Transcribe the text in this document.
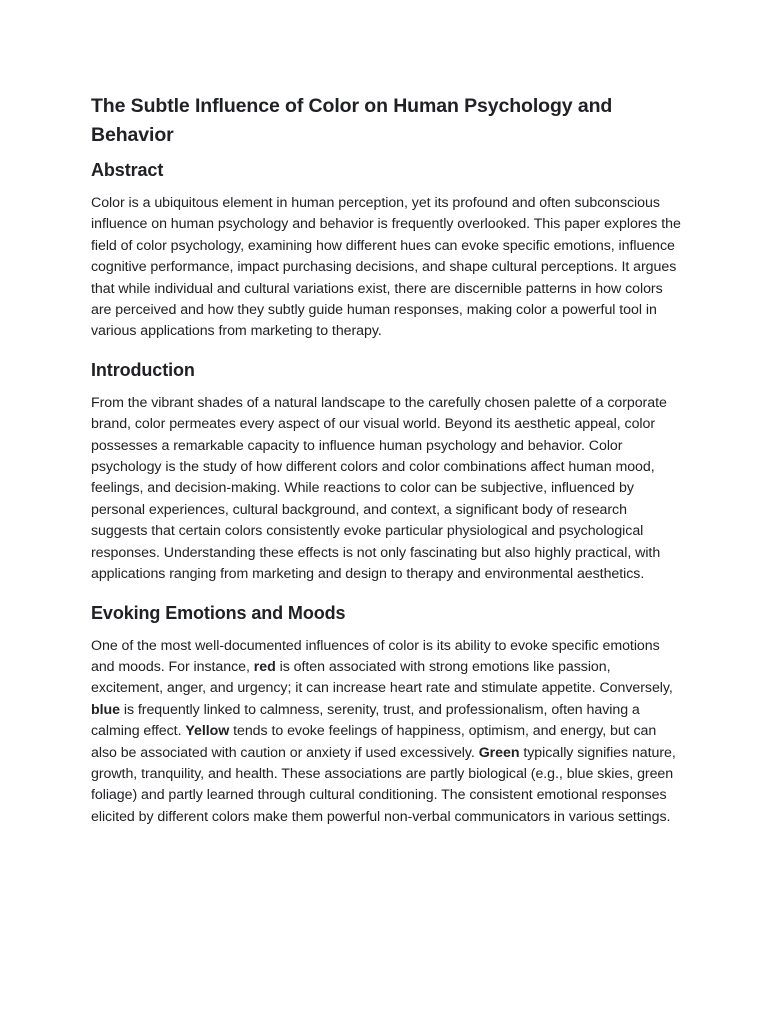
The Subtle Influence of Color on Human Psychology and Behavior
Abstract

Color is a ubiquitous element in human perception, yet its profound and often subconscious influence on human psychology and behavior is frequently overlooked. This paper explores the field of color psychology, examining how different hues can evoke specific emotions, influence cognitive performance, impact purchasing decisions, and shape cultural perceptions. It argues that while individual and cultural variations exist, there are discernible patterns in how colors are perceived and how they subtly guide human responses, making color a powerful tool in various applications from marketing to therapy.

Introduction

From the vibrant shades of a natural landscape to the carefully chosen palette of a corporate brand, color permeates every aspect of our visual world. Beyond its aesthetic appeal, color possesses a remarkable capacity to influence human psychology and behavior. Color psychology is the study of how different colors and color combinations affect human mood, feelings, and decision-making. While reactions to color can be subjective, influenced by personal experiences, cultural background, and context, a significant body of research suggests that certain colors consistently evoke particular physiological and psychological responses. Understanding these effects is not only fascinating but also highly practical, with applications ranging from marketing and design to therapy and environmental aesthetics.

Evoking Emotions and Moods

One of the most well-documented influences of color is its ability to evoke specific emotions and moods. For instance, red is often associated with strong emotions like passion, excitement, anger, and urgency; it can increase heart rate and stimulate appetite. Conversely, blue is frequently linked to calmness, serenity, trust, and professionalism, often having a calming effect. Yellow tends to evoke feelings of happiness, optimism, and energy, but can also be associated with caution or anxiety if used excessively. Green typically signifies nature, growth, tranquility, and health. These associations are partly biological (e.g., blue skies, green foliage) and partly learned through cultural conditioning. The consistent emotional responses elicited by different colors make them powerful non-verbal communicators in various settings.
